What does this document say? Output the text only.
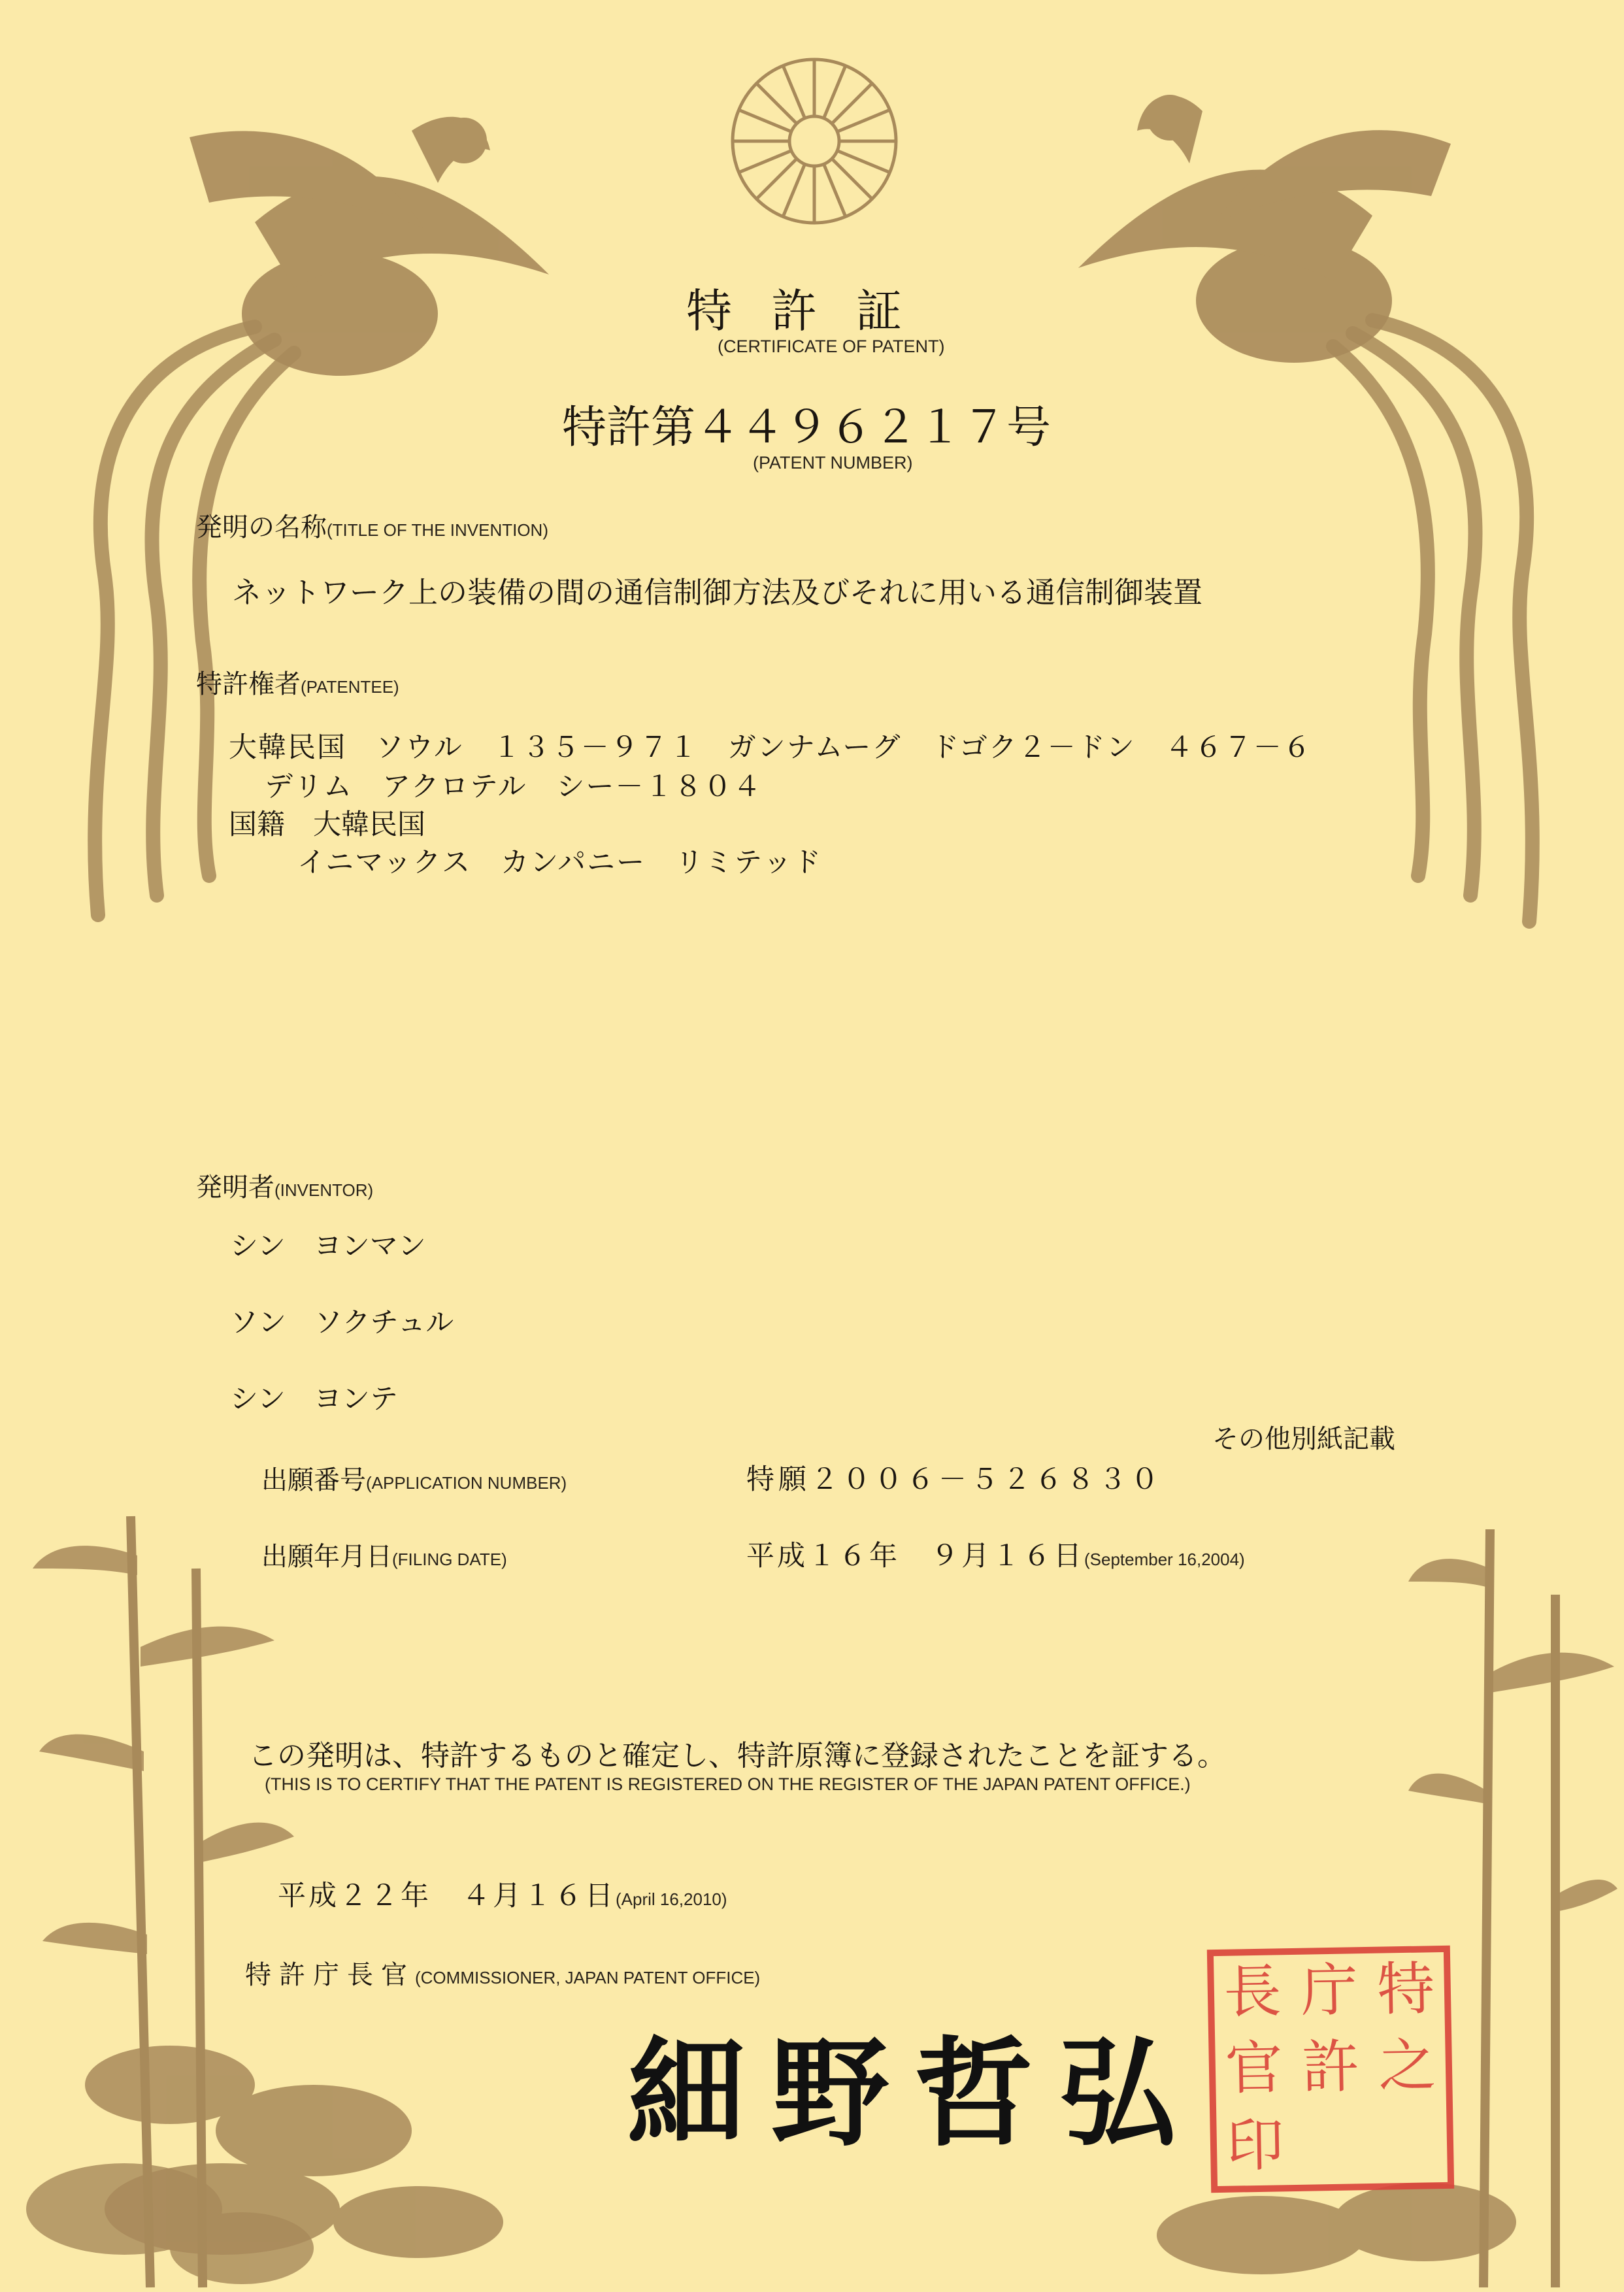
特許証
(CERTIFICATE OF PATENT)
特許第４４９６２１７号
(PATENT NUMBER)
発明の名称(TITLE OF THE INVENTION)
ネットワーク上の装備の間の通信制御方法及びそれに用いる通信制御装置
特許権者(PATENTEE)
大韓民国　ソウル　１３５－９７１　ガンナムーグ　ドゴク２－ドン　４６７－６
デリム　アクロテル　シー－１８０４
国籍　大韓民国
イニマックス　カンパニー　リミテッド
発明者(INVENTOR)
シン　ヨンマン
ソン　ソクチュル
シン　ヨンテ
その他別紙記載
出願番号(APPLICATION NUMBER)	特願２００６－５２６８３０
出願年月日(FILING DATE)	平成１６年　９月１６日(September 16,2004)
この発明は、特許するものと確定し、特許原簿に登録されたことを証する。
(THIS IS TO CERTIFY THAT THE PATENT IS REGISTERED ON THE REGISTER OF THE JAPAN PATENT OFFICE.)
平成２２年　４月１６日(April 16,2010)
特許庁長官(COMMISSIONER, JAPAN PATENT OFFICE)
細野哲弘
長 庁 特
官 許 之
印
